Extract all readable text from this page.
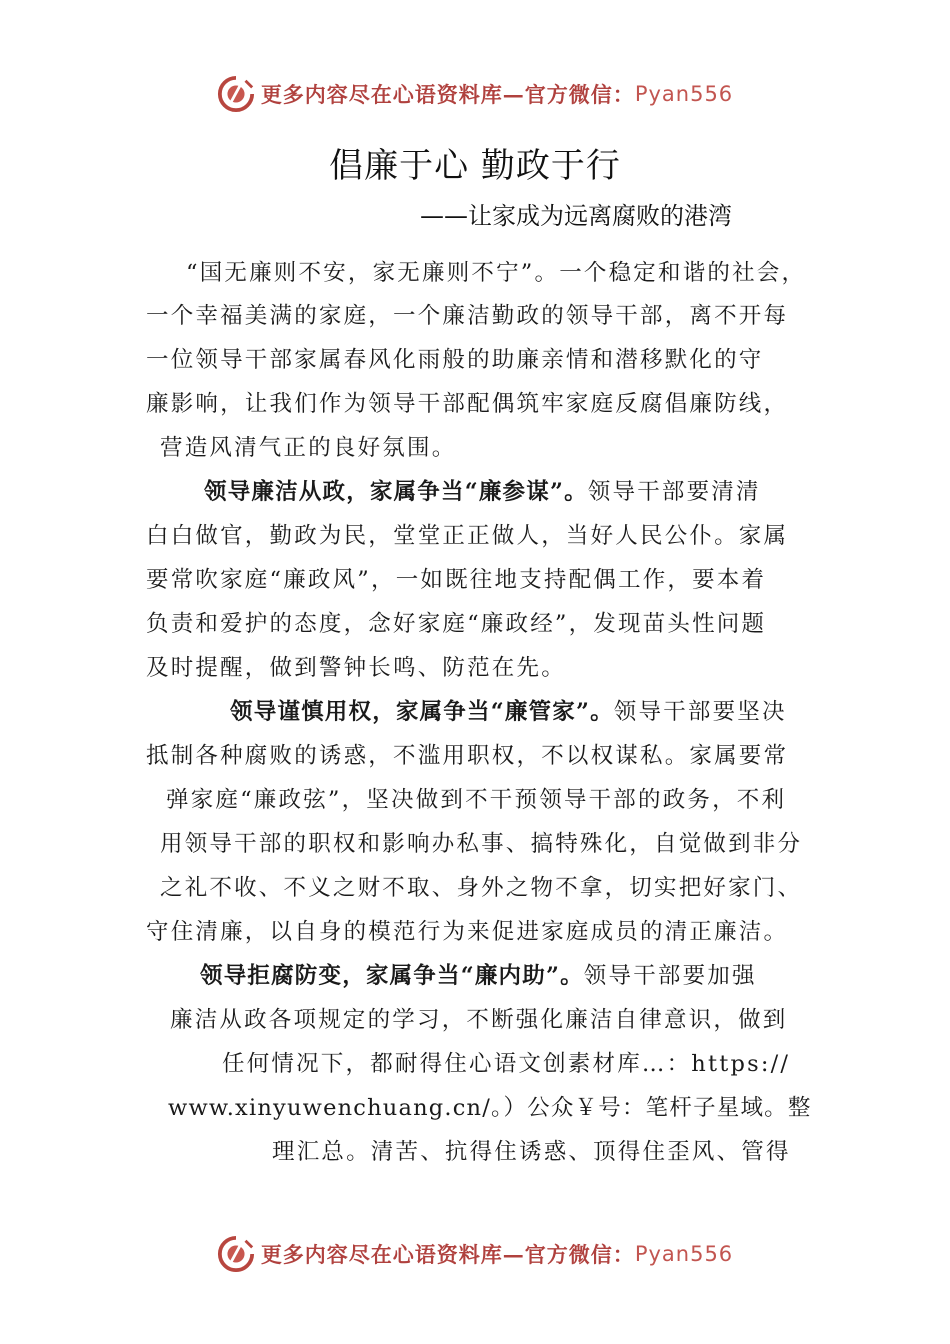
更多内容尽在心语资料库—官方微信： Pyan556
倡廉于心 勤政于行
——让家成为远离腐败的港湾
“国无廉则不安，家无廉则不宁”。一个稳定和谐的社会，
一个幸福美满的家庭，一个廉洁勤政的领导干部，离不开每
一位领导干部家属春风化雨般的助廉亲情和潜移默化的守
廉影响，让我们作为领导干部配偶筑牢家庭反腐倡廉防线，
营造风清气正的良好氛围。
领导廉洁从政，家属争当“廉参谋”。领导干部要清清
白白做官，勤政为民，堂堂正正做人，当好人民公仆。家属
要常吹家庭“廉政风”，一如既往地支持配偶工作，要本着
负责和爱护的态度，念好家庭“廉政经”，发现苗头性问题
及时提醒，做到警钟长鸣、防范在先。
领导谨慎用权，家属争当“廉管家”。领导干部要坚决
抵制各种腐败的诱惑，不滥用职权，不以权谋私。家属要常
弹家庭“廉政弦”，坚决做到不干预领导干部的政务，不利
用领导干部的职权和影响办私事、搞特殊化，自觉做到非分
之礼不收、不义之财不取、身外之物不拿，切实把好家门、
守住清廉，以自身的模范行为来促进家庭成员的清正廉洁。
领导拒腐防变，家属争当“廉内助”。领导干部要加强
廉洁从政各项规定的学习，不断强化廉洁自律意识，做到
任何情况下，都耐得住心语文创素材库…：https://
www.xinyuwenchuang.cn/。）公众￥号：笔杆子星域。整
理汇总。清苦、抗得住诱惑、顶得住歪风、管得
更多内容尽在心语资料库—官方微信： Pyan556
